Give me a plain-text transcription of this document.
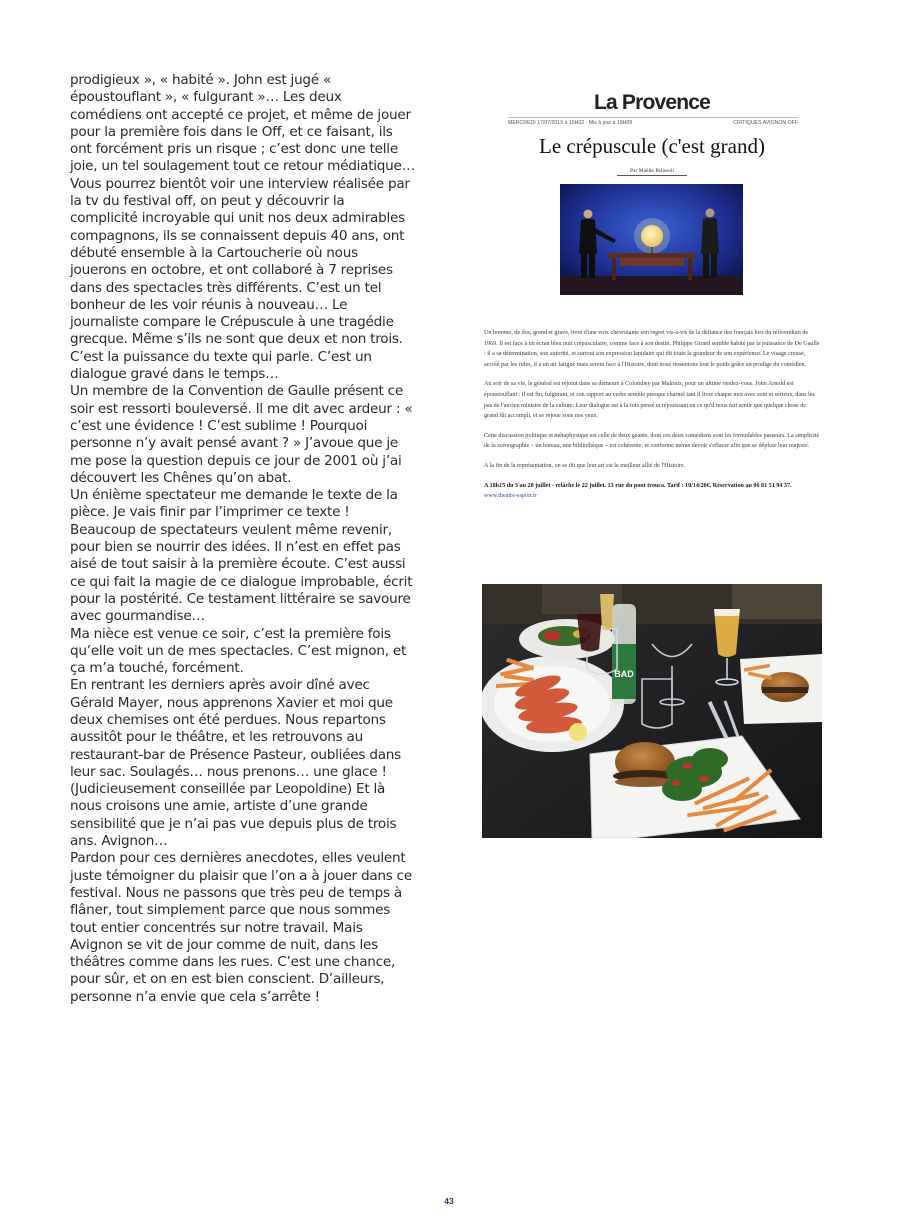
prodigieux », « habité ». John est jugé « époustouflant », « fulgurant »… Les deux comédiens ont accepté ce projet, et même de jouer pour la première fois dans le Off, et ce faisant, ils ont forcément pris un risque ; c’est donc une telle joie, un tel soulagement tout ce retour médiatique… Vous pourrez bientôt voir une interview réalisée par la tv du festival off, on peut y découvrir la complicité incroyable qui unit nos deux admirables compagnons, ils se connaissent depuis 40 ans, ont débuté ensemble à la Cartoucherie où nous jouerons en octobre, et ont collaboré à 7 reprises dans des spectacles très différents. C’est un tel bonheur de les voir réunis à nouveau… Le journaliste compare le Crépuscule à une tragédie grecque. Même s’ils ne sont que deux et non trois. C’est la puissance du texte qui parle. C’est un dialogue gravé dans le temps…

Un membre de la Convention de Gaulle présent ce soir est ressorti bouleversé. Il me dit avec ardeur : « c’est une évidence ! C’est sublime ! Pourquoi personne n’y avait pensé avant ? » J’avoue que je me pose la question depuis ce jour de 2001 où j’ai découvert les Chênes qu’on abat.

Un énième spectateur me demande le texte de la pièce. Je vais finir par l’imprimer ce texte ! Beaucoup de spectateurs veulent même revenir, pour bien se nourrir des idées. Il n’est en effet pas aisé de tout saisir à la première écoute. C’est aussi ce qui fait la magie de ce dialogue improbable, écrit pour la postérité. Ce testament littéraire se savoure avec gourmandise…

Ma nièce est venue ce soir, c’est la première fois qu’elle voit un de mes spectacles. C’est mignon, et ça m’a touché, forcément.

En rentrant les derniers après avoir dîné avec Gérald Mayer, nous apprenons Xavier et moi que deux chemises ont été perdues. Nous repartons aussitôt pour le théâtre, et les retrouvons au restaurant-bar de Présence Pasteur, oubliées dans leur sac. Soulagés… nous prenons… une glace ! (Judicieusement conseillée par Leopoldine) Et là nous croisons une amie, artiste d’une grande sensibilité que je n’ai pas vue depuis plus de trois ans. Avignon…

Pardon pour ces dernières anecdotes, elles veulent juste témoigner du plaisir que l’on a à jouer dans ce festival. Nous ne passons que très peu de temps à flâner, tout simplement parce que nous sommes tout entier concentrés sur notre travail. Mais Avignon se vit de jour comme de nuit, dans les théâtres comme dans les rues. C’est une chance, pour sûr, et on en est bien conscient. D’ailleurs, personne n’a envie que cela s’arrête !

La Provence
MERCREDI 17/07/2019 à 15H02 · Mis à jour à 18H09	CRITIQUES AVIGNON OFF
Le crépuscule (c'est grand)
Par Maëlle Pelissoli

Un homme, de dos, grand et grave, livre d'une voix chevrotante son regret vis-à-vis de la défiance des français lors du référendum de 1969. Il est face à un écran bleu nuit crépusculaire, comme face à son destin. Philippe Girard semble habité par la puissance de De Gaulle : il a sa détermination, son autorité, et surtout son expression lapidaire qui dit toute la grandeur de son expérience. Le visage creusé, accolé par les rides, il a un air fatigué mais serein face à l'Histoire, dont nous ressentons tout le poids grâce au prodige du comédien.

Au soir de sa vie, le général est rejoint dans sa demeure à Colombey par Malraux, pour un ultime rendez-vous. John Arnold est époustouflant : il est fin, fulgurant, et son rapport au verbe semble presque charnel tant il livre chaque mot avec soin et sérieux, dans les pas de l'ancien ministre de la culture. Leur dialogue est à la fois pensé et réjouissant en ce qu'il nous fait sentir que quelque chose de grand fût accompli, et se rejoue sous nos yeux.

Cette discussion politique et métaphysique est celle de deux géants, dont ces deux comédiens sont les formidables passeurs. La simplicité de la scénographie – un bureau, une bibliothèque – est cohérente, et conforme même devoir s'effacer afin que se déploie leur majesté.

A la fin de la représentation, on se dit que leur art est le meilleur allié de l'Histoire.

A 18h15 du 5 au 28 juillet - relâche le 22 juillet. 13 rue du pont trouca. Tarif : 10/14/20€. Réservation au 06 81 51 94 37. www.theatre-espoir.fr

BAD
43
